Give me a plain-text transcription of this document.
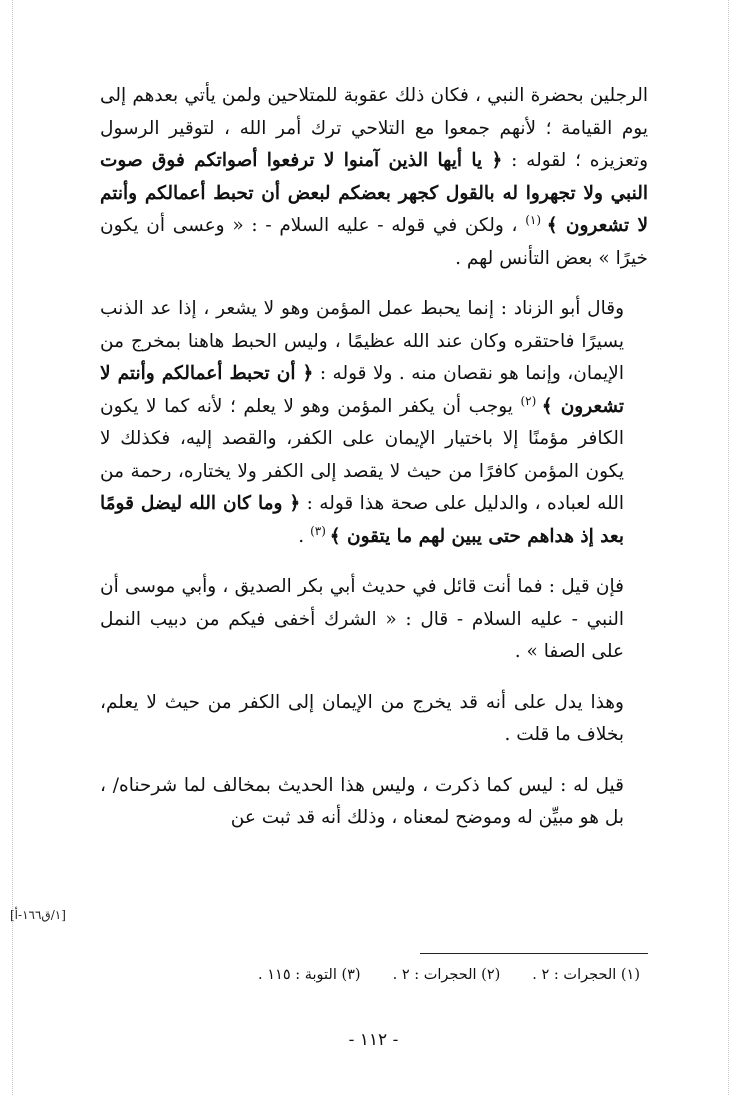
الرجلين بحضرة النبي ، فكان ذلك عقوبة للمتلاحين ولمن يأتي بعدهم إلى يوم القيامة ؛ لأنهم جمعوا مع التلاحي ترك أمر الله ، لتوقير الرسول وتعزيزه ؛ لقوله : ﴿ يا أيها الذين آمنوا لا ترفعوا أصواتكم فوق صوت النبي ولا تجهروا له بالقول كجهر بعضكم لبعض أن تحبط أعمالكم وأنتم لا تشعرون ﴾ $^{(١)}$ ، ولكن في قوله - عليه السلام - : « وعسى أن يكون خيرًا » بعض التأنس لهم .

وقال أبو الزناد : إنما يحبط عمل المؤمن وهو لا يشعر ، إذا عد الذنب يسيرًا فاحتقره وكان عند الله عظيمًا ، وليس الحبط هاهنا بمخرج من الإيمان، وإنما هو نقصان منه . ولا قوله : ﴿ أن تحبط أعمالكم وأنتم لا تشعرون ﴾ $^{(٢)}$ يوجب أن يكفر المؤمن وهو لا يعلم ؛ لأنه كما لا يكون الكافر مؤمنًا إلا باختيار الإيمان على الكفر، والقصد إليه، فكذلك لا يكون المؤمن كافرًا من حيث لا يقصد إلى الكفر ولا يختاره، رحمة من الله لعباده ، والدليل على صحة هذا قوله : ﴿ وما كان الله ليضل قومًا بعد إذ هداهم حتى يبين لهم ما يتقون ﴾ $^{(٣)}$ .

فإن قيل : فما أنت قائل في حديث أبي بكر الصديق ، وأبي موسى أن النبي - عليه السلام - قال : « الشرك أخفى فيكم من دبيب النمل على الصفا » .

وهذا يدل على أنه قد يخرج من الإيمان إلى الكفر من حيث لا يعلم، بخلاف ما قلت .

قيل له : ليس كما ذكرت ، وليس هذا الحديث بمخالف لما شرحناه/ ، بل هو مبيِّن له وموضح لمعناه ، وذلك أنه قد ثبت عن

[١/ق١٦٦-أ]
(١) الحجرات : ٢ .
(٢) الحجرات : ٢ .
(٣) التوبة : ١١٥ .
- ١١٢ -
